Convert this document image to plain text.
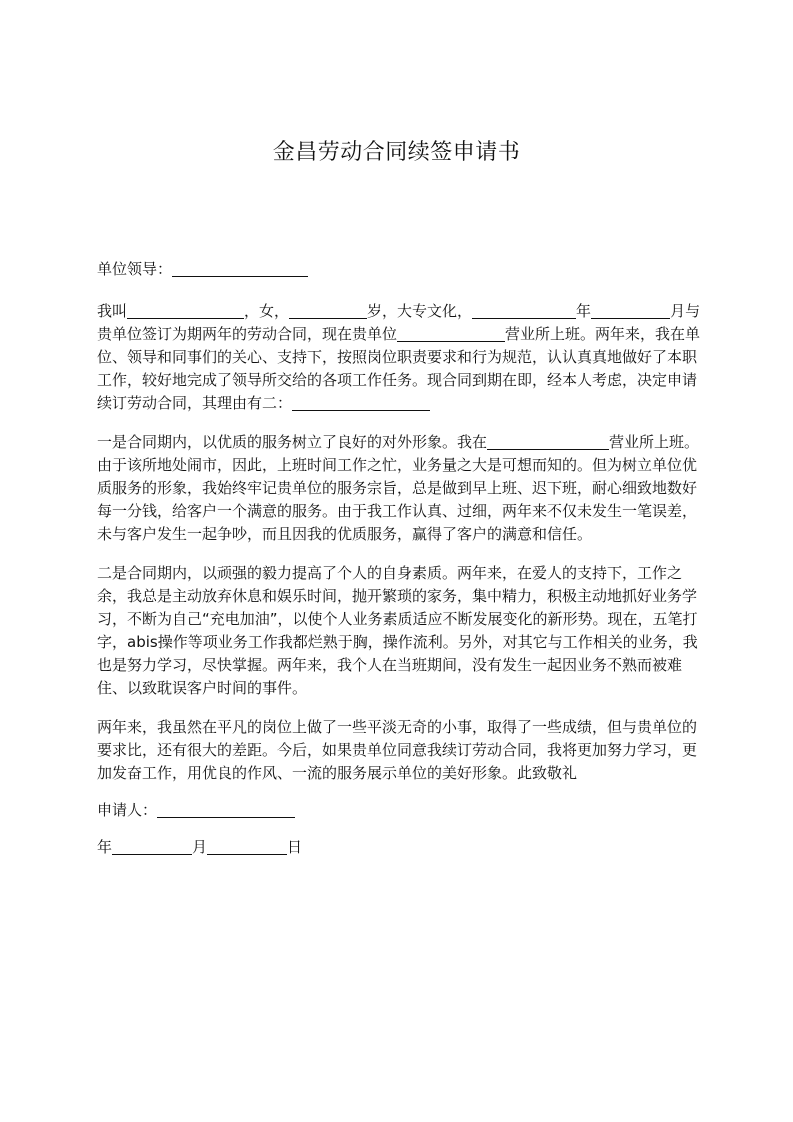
金昌劳动合同续签申请书

单位领导：

我叫	，女，	岁，大专文化，	年	月与贵单位签订为期两年的劳动合同，现在贵单位	营业所上班。两年来，我在单位、领导和同事们的关心、支持下，按照岗位职责要求和行为规范，认认真真地做好了本职工作，较好地完成了领导所交给的各项工作任务。现合同到期在即，经本人考虑，决定申请续订劳动合同，其理由有二：

一是合同期内，以优质的服务树立了良好的对外形象。我在	营业所上班。由于该所地处闹市，因此，上班时间工作之忙，业务量之大是可想而知的。但为树立单位优质服务的形象，我始终牢记贵单位的服务宗旨，总是做到早上班、迟下班，耐心细致地数好每一分钱，给客户一个满意的服务。由于我工作认真、过细，两年来不仅未发生一笔误差，未与客户发生一起争吵，而且因我的优质服务，赢得了客户的满意和信任。

二是合同期内，以顽强的毅力提高了个人的自身素质。两年来，在爱人的支持下，工作之余，我总是主动放弃休息和娱乐时间，抛开繁琐的家务，集中精力，积极主动地抓好业务学习，不断为自己“充电加油”，以使个人业务素质适应不断发展变化的新形势。现在，五笔打字，abis操作等项业务工作我都烂熟于胸，操作流利。另外，对其它与工作相关的业务，我也是努力学习，尽快掌握。两年来，我个人在当班期间，没有发生一起因业务不熟而被难住、以致耽误客户时间的事件。

两年来，我虽然在平凡的岗位上做了一些平淡无奇的小事，取得了一些成绩，但与贵单位的要求比，还有很大的差距。今后，如果贵单位同意我续订劳动合同，我将更加努力学习，更加发奋工作，用优良的作风、一流的服务展示单位的美好形象。此致敬礼

申请人：

年	月	日
